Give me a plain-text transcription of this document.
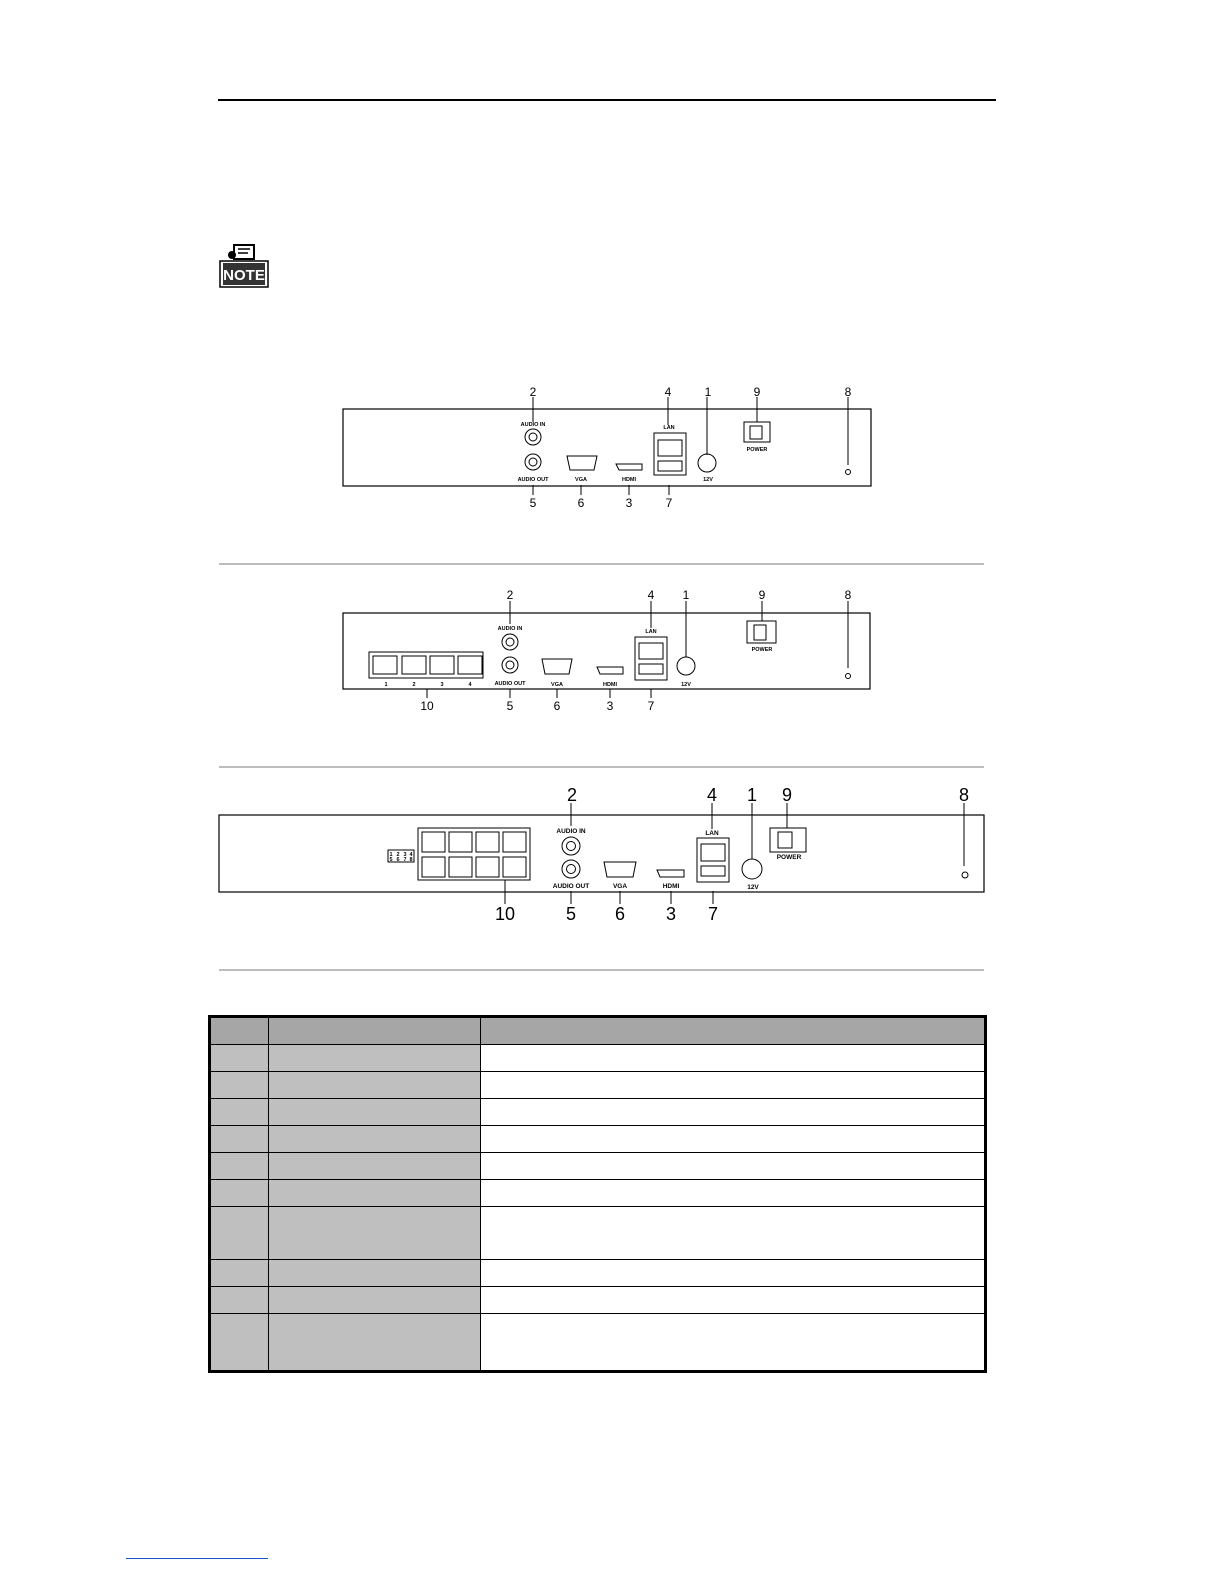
NOTE
AUDIO IN
AUDIO OUT	VGA	HDMI
LAN
12V
POWER
2	4	1	9	8
5	6	3	7
1	2	3	4
AUDIO IN
AUDIO OUT	VGA	HDMI
LAN
12V
POWER
2	4 1	9	8
10	5	6	3	7
1 2 3 4
5 6 7 8
AUDIO IN
AUDIO OUT	VGA	HDMI
LAN
12V
POWER
2	4 1 9	8
10	5 6 3 7
